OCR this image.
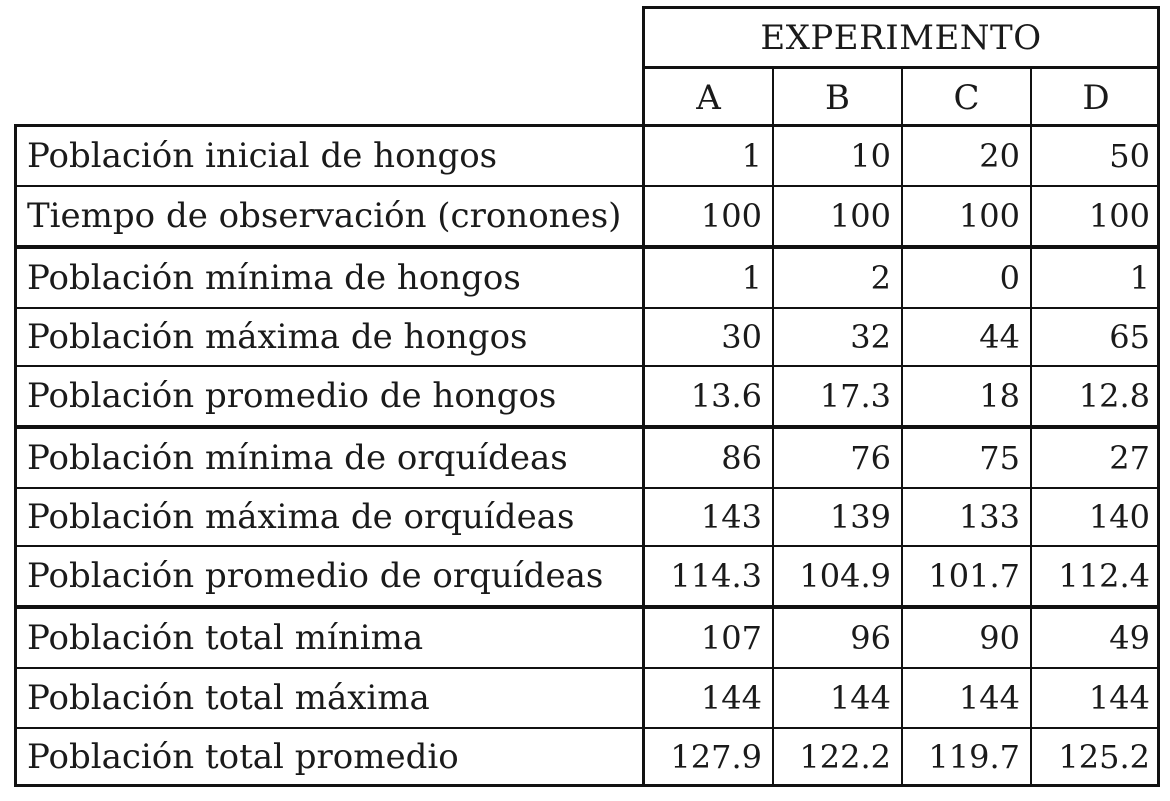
EXPERIMENTO
A	B	C	D
Población inicial de hongos	1	10	20	50
Tiempo de observación (cronones)	100	100	100	100
Población mínima de hongos	1	2	0	1
Población máxima de hongos	30	32	44	65
Población promedio de hongos	13.6	17.3	18	12.8
Población mínima de orquídeas	86	76	75	27
Población máxima de orquídeas	143	139	133	140
Población promedio de orquídeas	114.3	104.9	101.7	112.4
Población total mínima	107	96	90	49
Población total máxima	144	144	144	144
Población total promedio	127.9	122.2	119.7	125.2
